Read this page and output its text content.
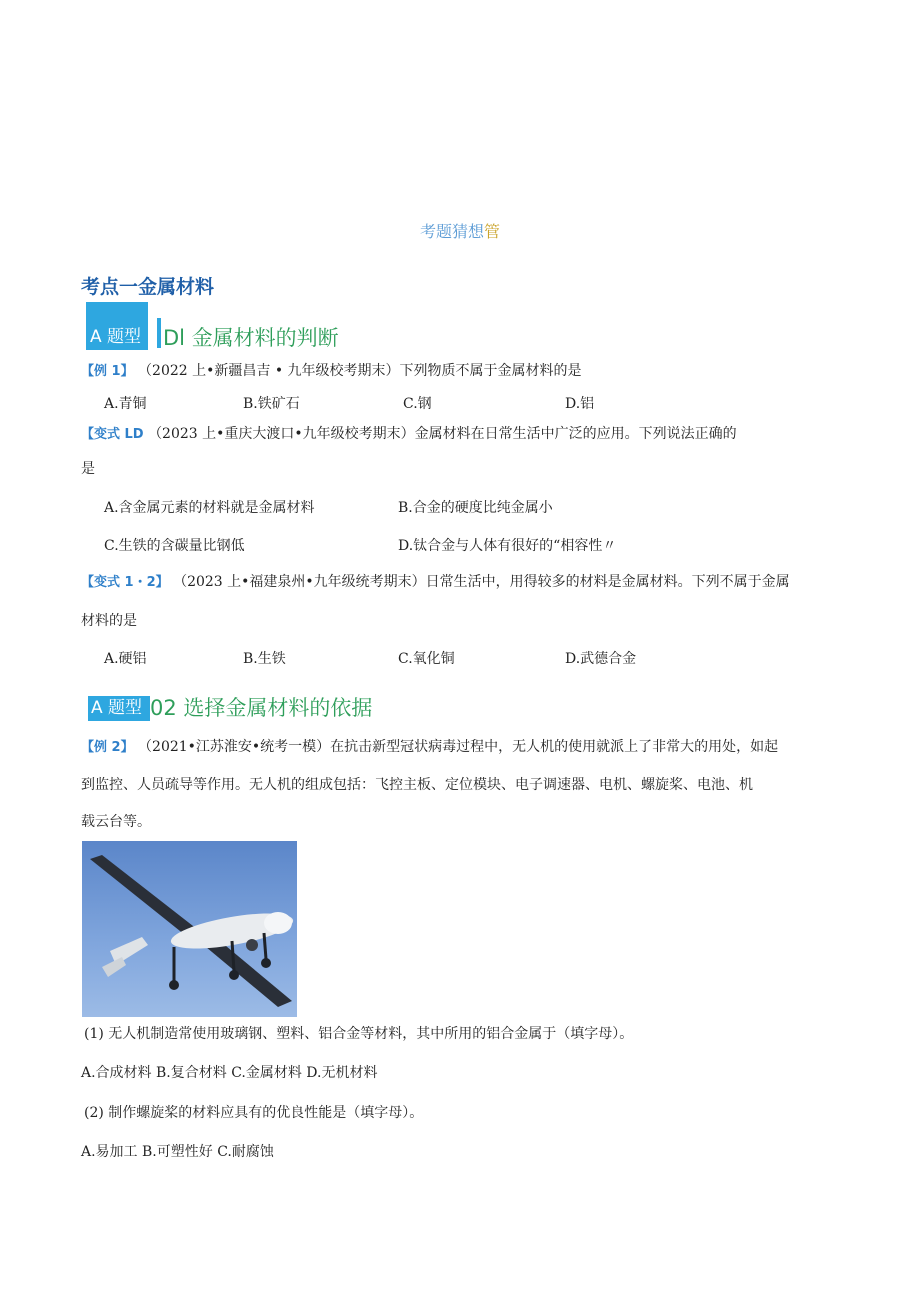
考题猜想管
考点一金属材料
A 题型 Dl 金属材料的判断
【例 1】 （2022 上•新疆昌吉 • 九年级校考期末）下列物质不属于金属材料的是
A.青铜	B.铁矿石	C.钢	D.铝
【变式 LD （2023 上•重庆大渡口•九年级校考期末）金属材料在日常生活中广泛的应用。下列说法正确的
是
A.含金属元素的材料就是金属材料	B.合金的硬度比纯金属小
C.生铁的含碳量比钢低	D.钛合金与人体有很好的“相容性〃
【变式 1・2】 （2023 上•福建泉州•九年级统考期末）日常生活中，用得较多的材料是金属材料。下列不属于金属
材料的是
A.硬铝	B.生铁	C.氧化铜	D.武德合金
A 题型 02 选择金属材料的依据
【例 2】 （2021•江苏淮安•统考一模）在抗击新型冠状病毒过程中，无人机的使用就派上了非常大的用处，如起
到监控、人员疏导等作用。无人机的组成包括：飞控主板、定位模块、电子调速器、电机、螺旋桨、电池、机
载云台等。
(1) 无人机制造常使用玻璃钢、塑料、铝合金等材料，其中所用的铝合金属于（填字母）。
A.合成材料 B.复合材料 C.金属材料 D.无机材料
(2) 制作螺旋桨的材料应具有的优良性能是（填字母）。
A.易加工 B.可塑性好 C.耐腐蚀
